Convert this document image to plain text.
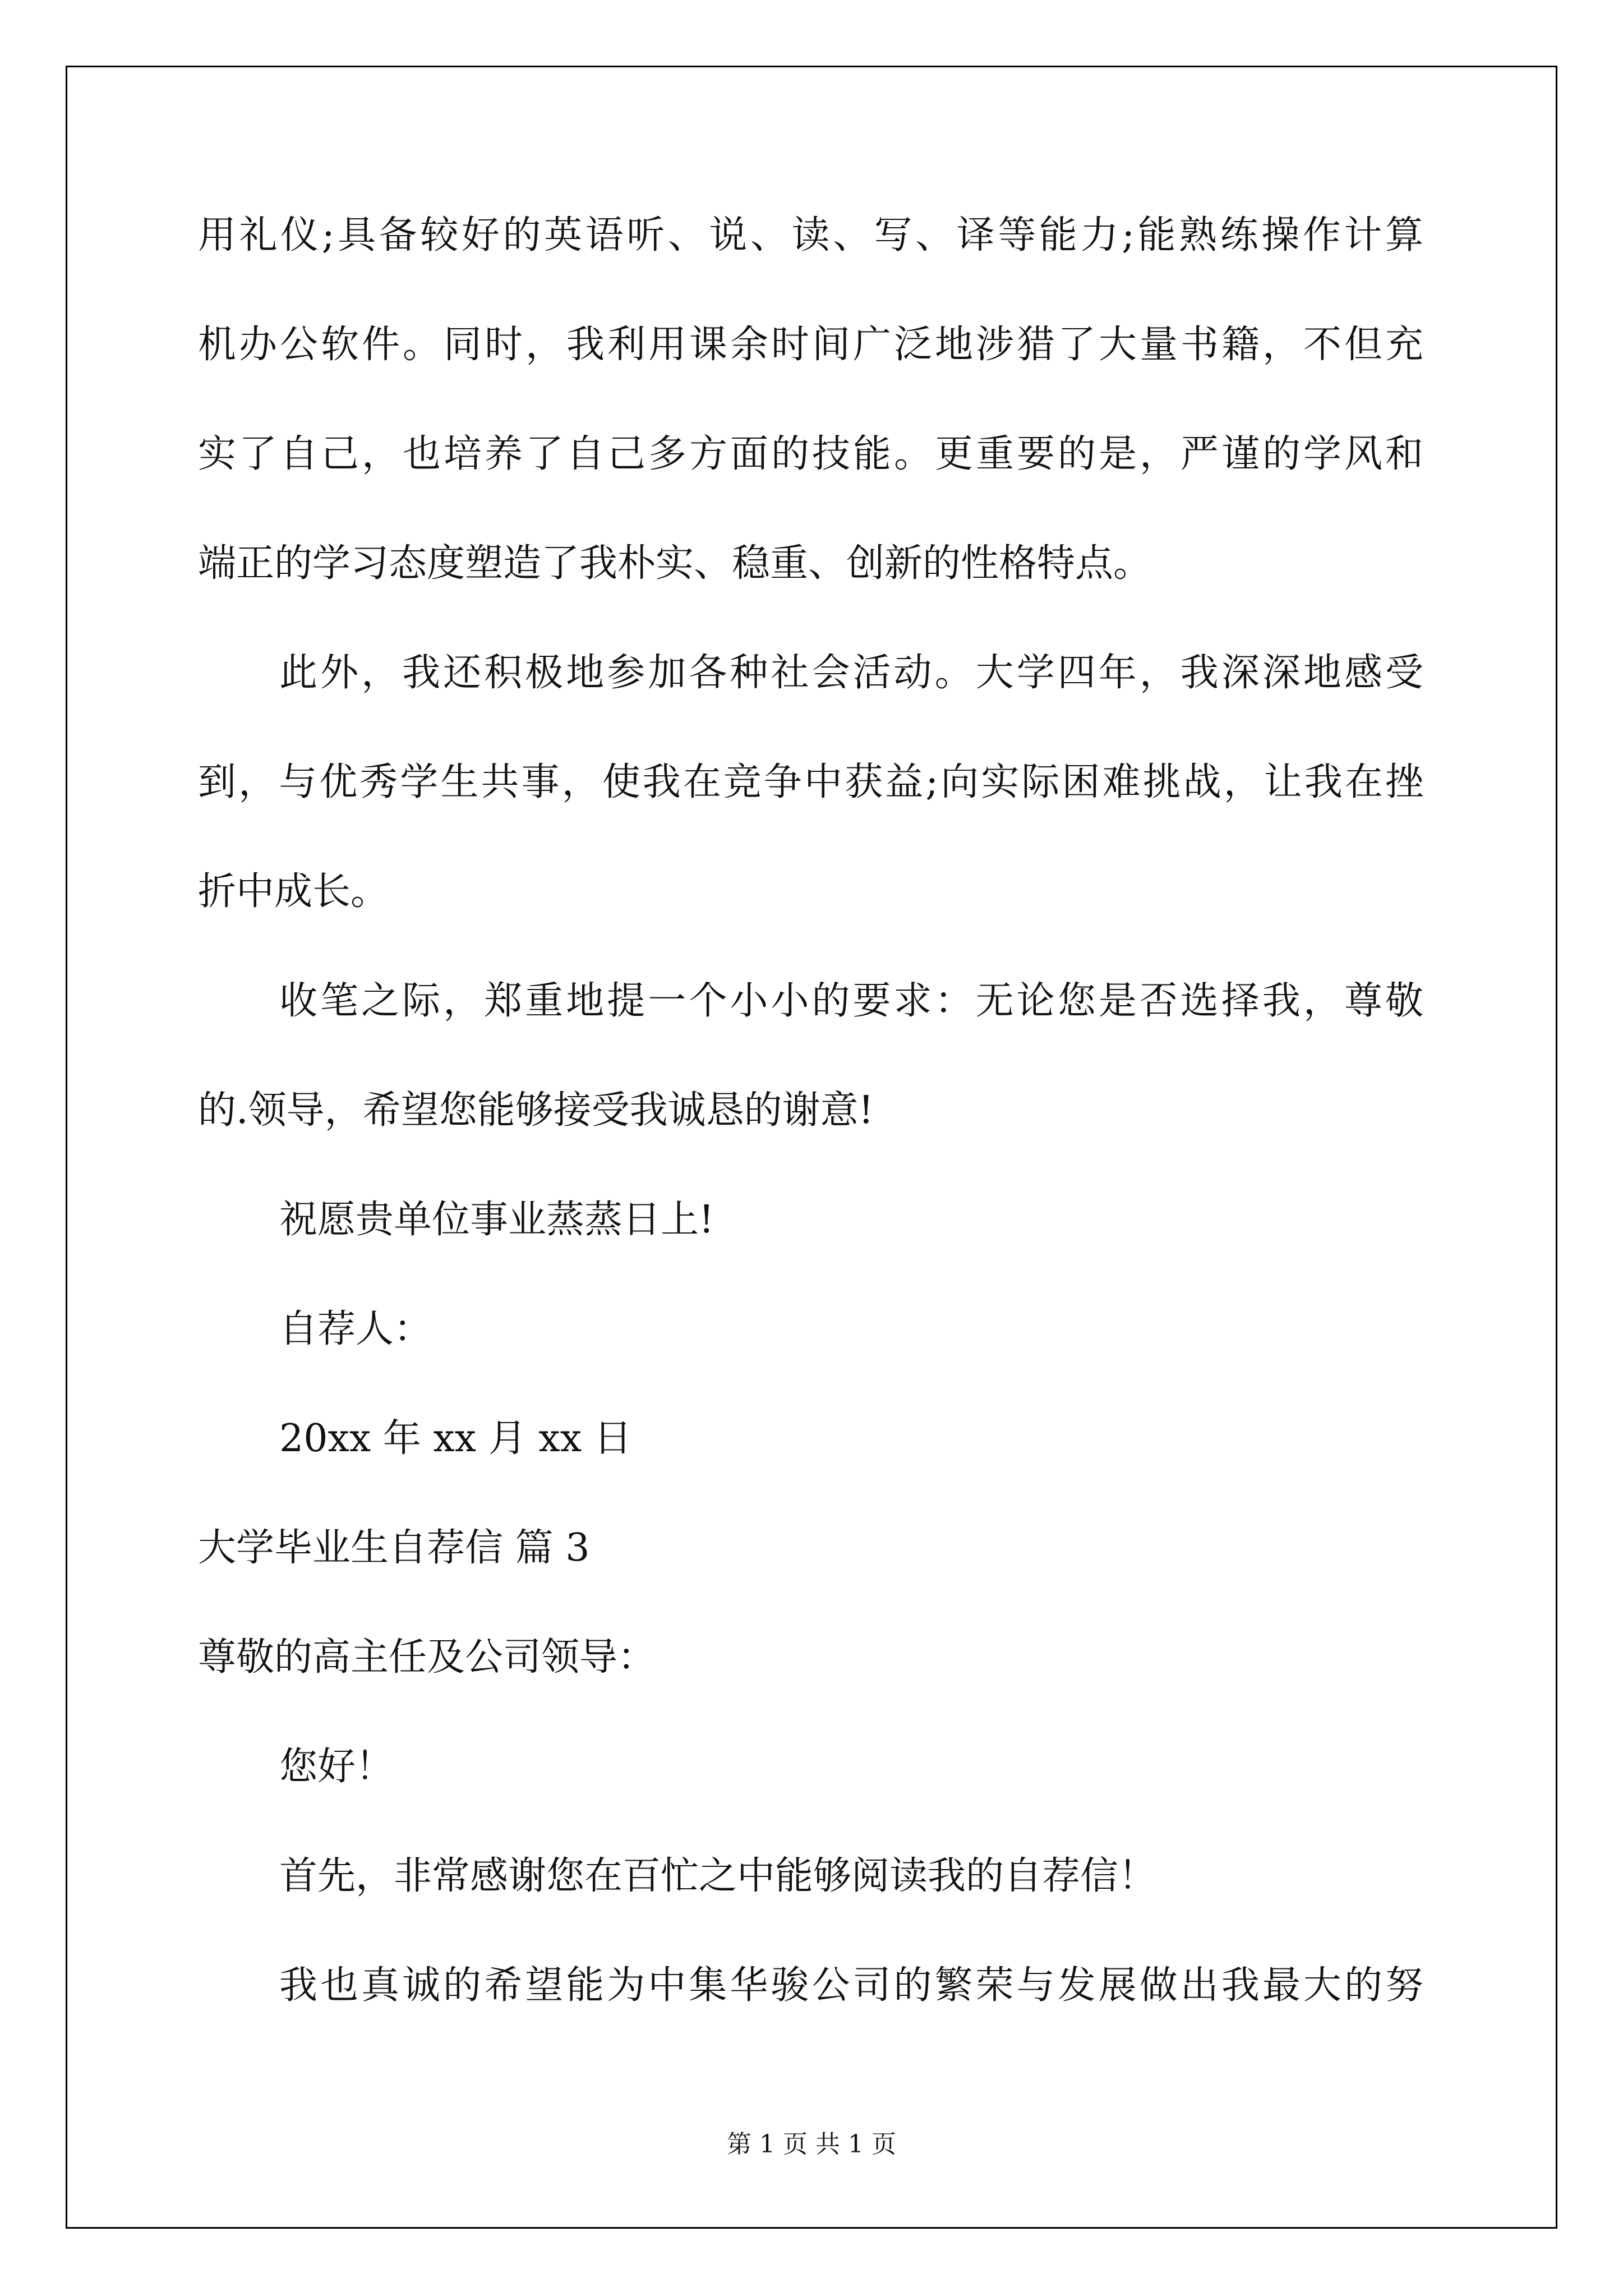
用礼仪;具备较好的英语听、说、读、写、译等能力;能熟练操作计算
机办公软件。同时，我利用课余时间广泛地涉猎了大量书籍，不但充
实了自己，也培养了自己多方面的技能。更重要的是，严谨的学风和
端正的学习态度塑造了我朴实、稳重、创新的性格特点。
此外，我还积极地参加各种社会活动。大学四年，我深深地感受
到，与优秀学生共事，使我在竞争中获益;向实际困难挑战，让我在挫
折中成长。
收笔之际，郑重地提一个小小的要求：无论您是否选择我，尊敬
的.领导，希望您能够接受我诚恳的谢意!
祝愿贵单位事业蒸蒸日上!
自荐人：
20xx 年 xx 月 xx 日
大学毕业生自荐信 篇 3
尊敬的高主任及公司领导：
您好！
首先，非常感谢您在百忙之中能够阅读我的自荐信！
我也真诚的希望能为中集华骏公司的繁荣与发展做出我最大的努
第 1 页 共 1 页
